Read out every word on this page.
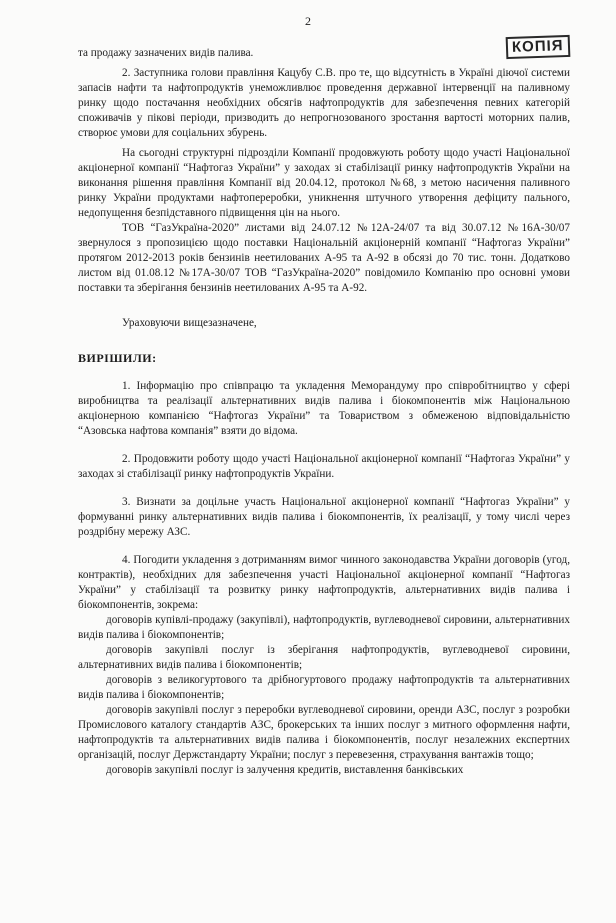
2
КОПІЯ

та продажу зазначених видів палива.

2. Заступника голови правління Кацубу С.В. про те, що відсутність в Україні діючої системи запасів нафти та нафтопродуктів унеможливлює проведення державної інтервенції на паливному ринку щодо постачання необхідних обсягів нафтопродуктів для забезпечення певних категорій споживачів у пікові періоди, призводить до непрогнозованого зростання вартості моторних палив, створює умови для соціальних збурень.

На сьогодні структурні підрозділи Компанії продовжують роботу щодо участі Національної акціонерної компанії “Нафтогаз України” у заходах зі стабілізації ринку нафтопродуктів України на виконання рішення правління Компанії від 20.04.12, протокол №68, з метою насичення паливного ринку України продуктами нафтопереробки, уникнення штучного утворення дефіциту пального, недопущення безпідставного підвищення цін на нього.

ТОВ “ГазУкраїна-2020” листами від 24.07.12 №12А-24/07 та від 30.07.12 №16А-30/07 звернулося з пропозицією щодо поставки Національній акціонерній компанії “Нафтогаз України” протягом 2012-2013 років бензинів неетилованих А-95 та А-92 в обсязі до 70 тис. тонн. Додатково листом від 01.08.12 №17А-30/07 ТОВ “ГазУкраїна-2020” повідомило Компанію про основні умови поставки та зберігання бензинів неетилованих А-95 та А-92.

Ураховуючи вищезазначене,

ВИРІШИЛИ:

1. Інформацію про співпрацю та укладення Меморандуму про співробітництво у сфері виробництва та реалізації альтернативних видів палива і біокомпонентів між Національною акціонерною компанією “Нафтогаз України” та Товариством з обмеженою відповідальністю “Азовська нафтова компанія” взяти до відома.

2. Продовжити роботу щодо участі Національної акціонерної компанії “Нафтогаз України” у заходах зі стабілізації ринку нафтопродуктів України.

3. Визнати за доцільне участь Національної акціонерної компанії “Нафтогаз України” у формуванні ринку альтернативних видів палива і біокомпонентів, їх реалізації, у тому числі через роздрібну мережу АЗС.

4. Погодити укладення з дотриманням вимог чинного законодавства України договорів (угод, контрактів), необхідних для забезпечення участі Національної акціонерної компанії “Нафтогаз України” у стабілізації та розвитку ринку нафтопродуктів, альтернативних видів палива і біокомпонентів, зокрема:

договорів купівлі-продажу (закупівлі), нафтопродуктів, вуглеводневої сировини, альтернативних видів палива і біокомпонентів;

договорів закупівлі послуг із зберігання нафтопродуктів, вуглеводневої сировини, альтернативних видів палива і біокомпонентів;

договорів з великогуртового та дрібногуртового продажу нафтопродуктів та альтернативних видів палива і біокомпонентів;

договорів закупівлі послуг з переробки вуглеводневої сировини, оренди АЗС, послуг з розробки Промислового каталогу стандартів АЗС, брокерських та інших послуг з митного оформлення нафти, нафтопродуктів та альтернативних видів палива і біокомпонентів, послуг незалежних експертних організацій, послуг Держстандарту України; послуг з перевезення, страхування вантажів тощо;

договорів закупівлі послуг із залучення кредитів, виставлення банківських
